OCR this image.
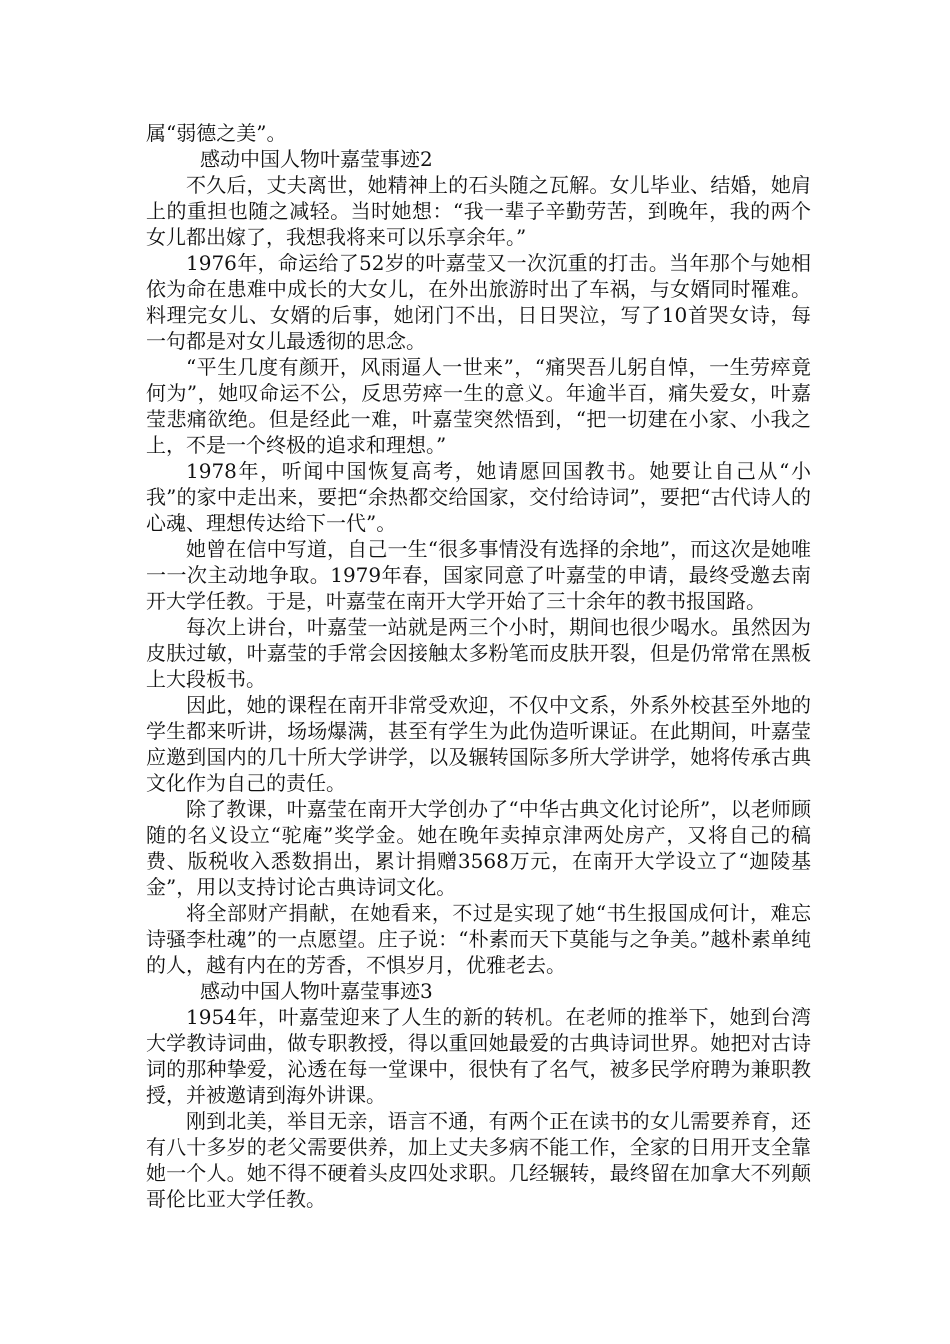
属“弱德之美”。

感动中国人物叶嘉莹事迹2

不久后，丈夫离世，她精神上的石头随之瓦解。女儿毕业、结婚，她肩上的重担也随之减轻。当时她想：“我一辈子辛勤劳苦，到晚年，我的两个女儿都出嫁了，我想我将来可以乐享余年。”

1976年，命运给了52岁的叶嘉莹又一次沉重的打击。当年那个与她相依为命在患难中成长的大女儿，在外出旅游时出了车祸，与女婿同时罹难。料理完女儿、女婿的后事，她闭门不出，日日哭泣，写了10首哭女诗，每一句都是对女儿最透彻的思念。

“平生几度有颜开，风雨逼人一世来”，“痛哭吾儿躬自悼，一生劳瘁竟何为”，她叹命运不公，反思劳瘁一生的意义。年逾半百，痛失爱女，叶嘉莹悲痛欲绝。但是经此一难，叶嘉莹突然悟到，“把一切建在小家、小我之上，不是一个终极的追求和理想。”

1978年，听闻中国恢复高考，她请愿回国教书。她要让自己从“小我”的家中走出来，要把“余热都交给国家，交付给诗词”，要把“古代诗人的心魂、理想传达给下一代”。

她曾在信中写道，自己一生“很多事情没有选择的余地”，而这次是她唯一一次主动地争取。1979年春，国家同意了叶嘉莹的申请，最终受邀去南开大学任教。于是，叶嘉莹在南开大学开始了三十余年的教书报国路。

每次上讲台，叶嘉莹一站就是两三个小时，期间也很少喝水。虽然因为皮肤过敏，叶嘉莹的手常会因接触太多粉笔而皮肤开裂，但是仍常常在黑板上大段板书。

因此，她的课程在南开非常受欢迎，不仅中文系，外系外校甚至外地的学生都来听讲，场场爆满，甚至有学生为此伪造听课证。在此期间，叶嘉莹应邀到国内的几十所大学讲学，以及辗转国际多所大学讲学，她将传承古典文化作为自己的责任。

除了教课，叶嘉莹在南开大学创办了“中华古典文化讨论所”，以老师顾随的名义设立“驼庵”奖学金。她在晚年卖掉京津两处房产，又将自己的稿费、版税收入悉数捐出，累计捐赠3568万元，在南开大学设立了“迦陵基金”，用以支持讨论古典诗词文化。

将全部财产捐献，在她看来，不过是实现了她“书生报国成何计，难忘诗骚李杜魂”的一点愿望。庄子说：“朴素而天下莫能与之争美。”越朴素单纯的人，越有内在的芳香，不惧岁月，优雅老去。

感动中国人物叶嘉莹事迹3

1954年，叶嘉莹迎来了人生的新的转机。在老师的推举下，她到台湾大学教诗词曲，做专职教授，得以重回她最爱的古典诗词世界。她把对古诗词的那种挚爱，沁透在每一堂课中，很快有了名气，被多民学府聘为兼职教授，并被邀请到海外讲课。

刚到北美，举目无亲，语言不通，有两个正在读书的女儿需要养育，还有八十多岁的老父需要供养，加上丈夫多病不能工作，全家的日用开支全靠她一个人。她不得不硬着头皮四处求职。几经辗转，最终留在加拿大不列颠哥伦比亚大学任教。
